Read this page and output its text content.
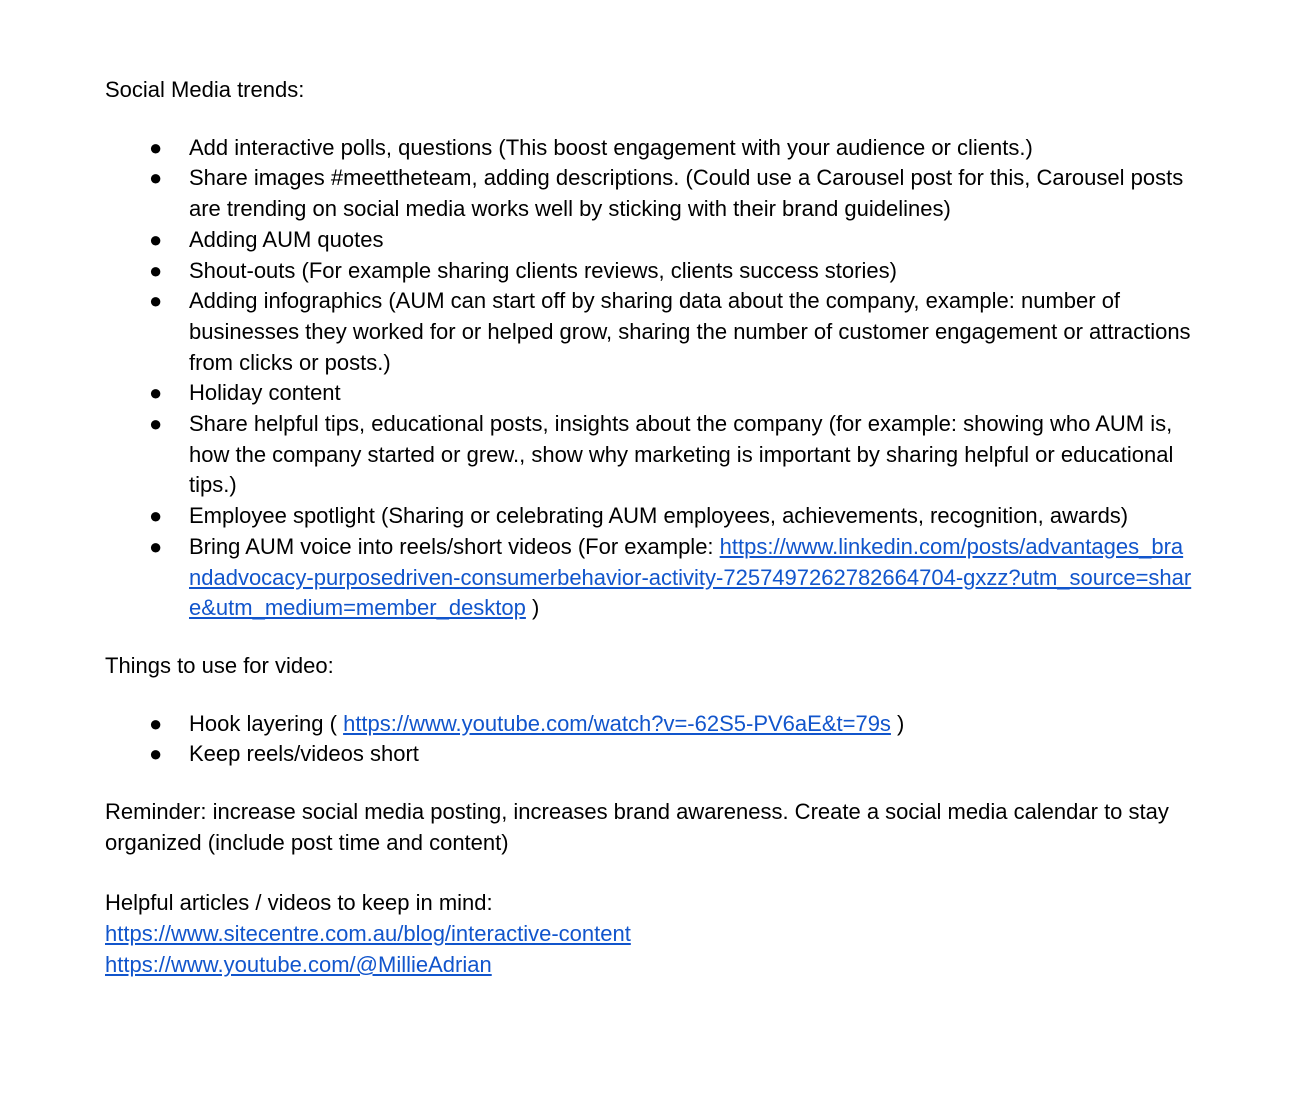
Social Media trends:

● Add interactive polls, questions (This boost engagement with your audience or clients.)
● Share images #meettheteam, adding descriptions. (Could use a Carousel post for this, Carousel posts are trending on social media works well by sticking with their brand guidelines)
● Adding AUM quotes
● Shout-outs (For example sharing clients reviews, clients success stories)
● Adding infographics (AUM can start off by sharing data about the company, example: number of businesses they worked for or helped grow, sharing the number of customer engagement or attractions from clicks or posts.)
● Holiday content
● Share helpful tips, educational posts, insights about the company (for example: showing who AUM is, how the company started or grew., show why marketing is important by sharing helpful or educational tips.)
● Employee spotlight (Sharing or celebrating AUM employees, achievements, recognition, awards)
● Bring AUM voice into reels/short videos (For example: https://www.linkedin.com/posts/advantages_brandadvocacy-purposedriven-consumerbehavior-activity-7257497262782664704-gxzz?utm_source=share&utm_medium=member_desktop )

Things to use for video:

● Hook layering ( https://www.youtube.com/watch?v=-62S5-PV6aE&t=79s )
● Keep reels/videos short

Reminder: increase social media posting, increases brand awareness. Create a social media calendar to stay organized (include post time and content)

Helpful articles / videos to keep in mind:

https://www.sitecentre.com.au/blog/interactive-content

https://www.youtube.com/@MillieAdrian
